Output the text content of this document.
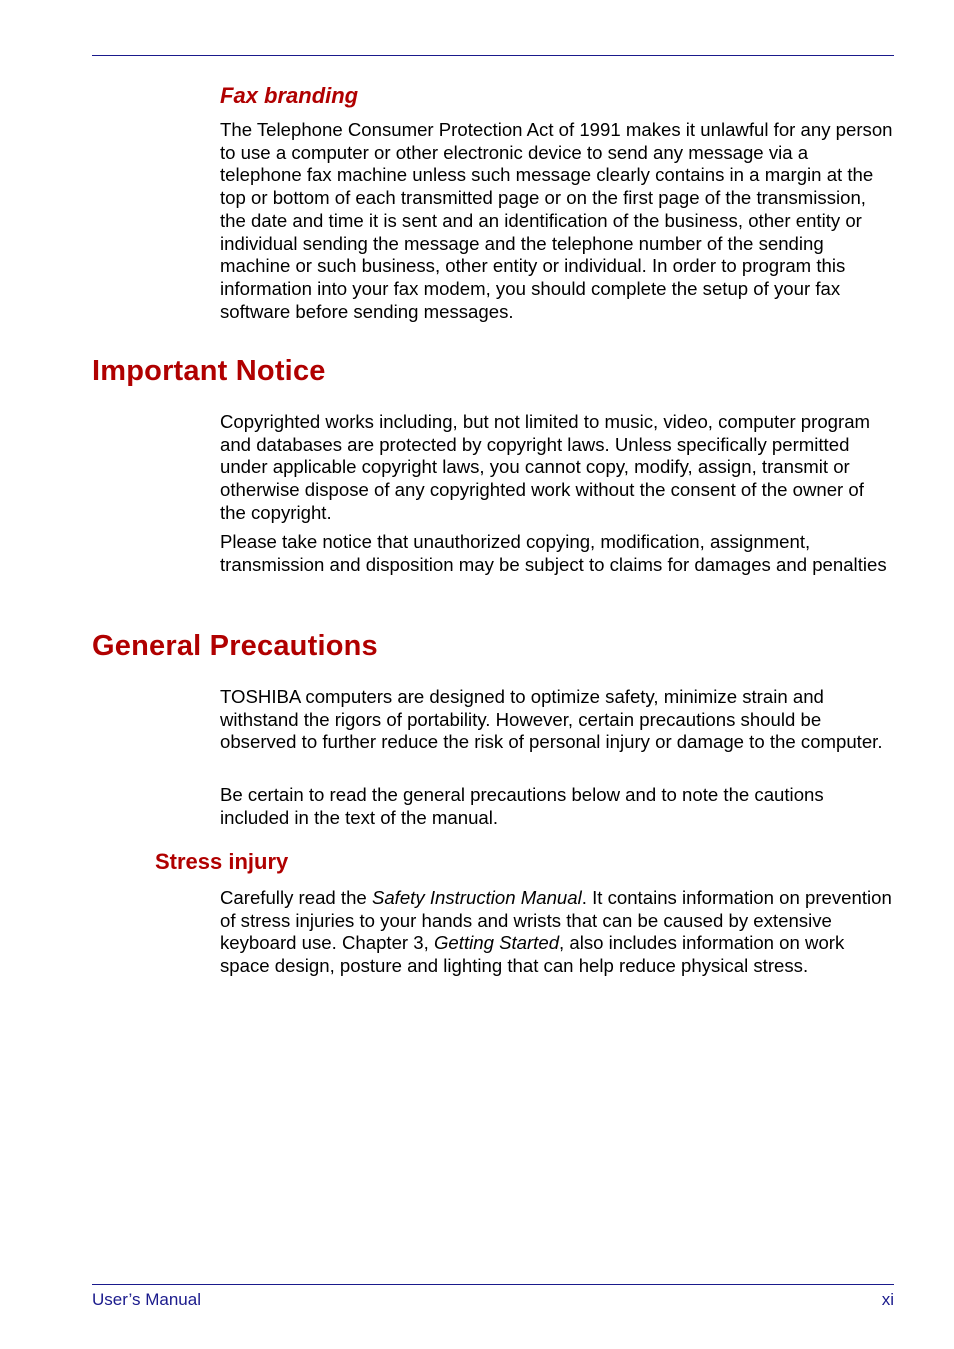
Fax branding

The Telephone Consumer Protection Act of 1991 makes it unlawful for any person to use a computer or other electronic device to send any message via a telephone fax machine unless such message clearly contains in a margin at the top or bottom of each transmitted page or on the first page of the transmission, the date and time it is sent and an identification of the business, other entity or individual sending the message and the telephone number of the sending machine or such business, other entity or individual. In order to program this information into your fax modem, you should complete the setup of your fax software before sending messages.

Important Notice

Copyrighted works including, but not limited to music, video, computer program and databases are protected by copyright laws. Unless specifically permitted under applicable copyright laws, you cannot copy, modify, assign, transmit or otherwise dispose of any copyrighted work without the consent of the owner of the copyright.

Please take notice that unauthorized copying, modification, assignment, transmission and disposition may be subject to claims for damages and penalties

General Precautions

TOSHIBA computers are designed to optimize safety, minimize strain and withstand the rigors of portability. However, certain precautions should be observed to further reduce the risk of personal injury or damage to the computer.

Be certain to read the general precautions below and to note the cautions included in the text of the manual.

Stress injury

Carefully read the Safety Instruction Manual. It contains information on prevention of stress injuries to your hands and wrists that can be caused by extensive keyboard use. Chapter 3, Getting Started, also includes information on work space design, posture and lighting that can help reduce physical stress.

User’s Manual	xi
